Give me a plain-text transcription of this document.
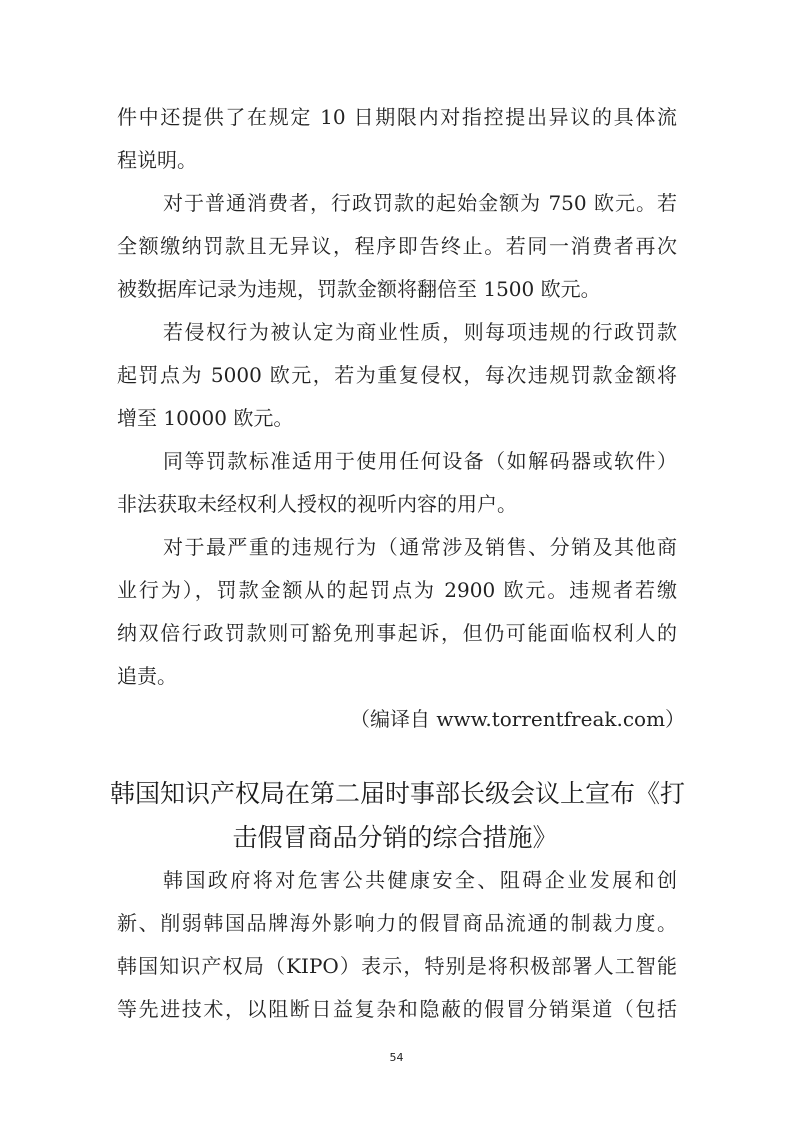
件中还提供了在规定 10 日期限内对指控提出异议的具体流
程说明。
对于普通消费者，行政罚款的起始金额为 750 欧元。若
全额缴纳罚款且无异议，程序即告终止。若同一消费者再次
被数据库记录为违规，罚款金额将翻倍至 1500 欧元。
若侵权行为被认定为商业性质，则每项违规的行政罚款
起罚点为 5000 欧元，若为重复侵权，每次违规罚款金额将
增至 10000 欧元。
同等罚款标准适用于使用任何设备（如解码器或软件）
非法获取未经权利人授权的视听内容的用户。
对于最严重的违规行为（通常涉及销售、分销及其他商
业行为），罚款金额从的起罚点为 2900 欧元。违规者若缴
纳双倍行政罚款则可豁免刑事起诉，但仍可能面临权利人的
追责。
（编译自 www.torrentfreak.com）
韩国知识产权局在第二届时事部长级会议上宣布《打
击假冒商品分销的综合措施》
韩国政府将对危害公共健康安全、阻碍企业发展和创
新、削弱韩国品牌海外影响力的假冒商品流通的制裁力度。
韩国知识产权局（KIPO）表示，特别是将积极部署人工智能
等先进技术，以阻断日益复杂和隐蔽的假冒分销渠道（包括
54
